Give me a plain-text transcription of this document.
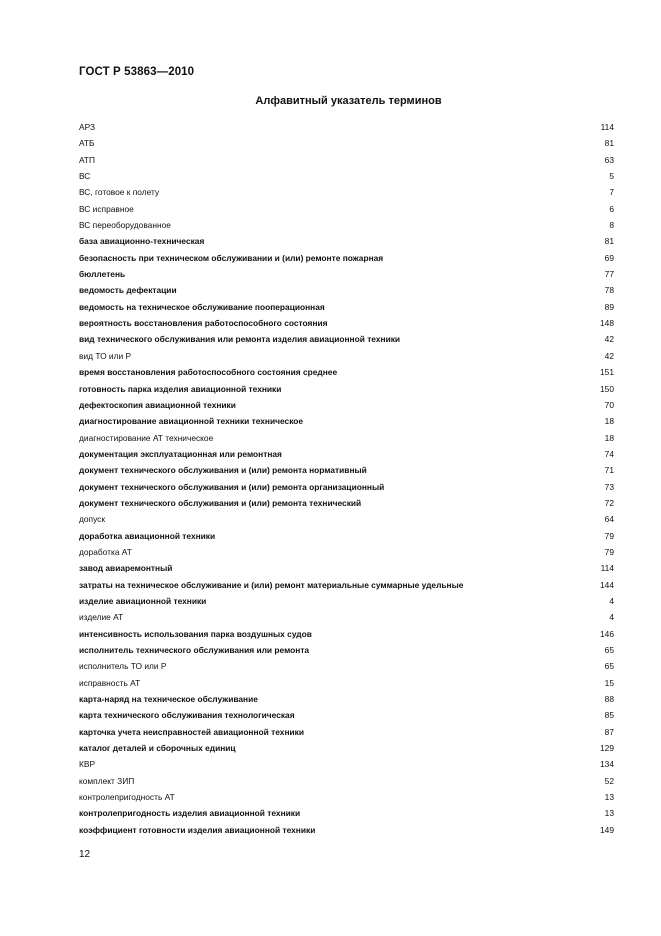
ГОСТ Р 53863—2010
Алфавитный указатель терминов
АРЗ	114
АТБ	81
АТП	63
ВС	5
ВС, готовое к полету	7
ВС исправное	6
ВС переоборудованное	8
база авиационно-техническая	81
безопасность при техническом обслуживании и (или) ремонте пожарная	69
бюллетень	77
ведомость дефектации	78
ведомость на техническое обслуживание пооперационная	89
вероятность восстановления работоспособного состояния	148
вид технического обслуживания или ремонта изделия авиационной техники	42
вид ТО или Р	42
время восстановления работоспособного состояния среднее	151
готовность парка изделия авиационной техники	150
дефектоскопия авиационной техники	70
диагностирование авиационной техники техническое	18
диагностирование АТ техническое	18
документация эксплуатационная или ремонтная	74
документ технического обслуживания и (или) ремонта нормативный	71
документ технического обслуживания и (или) ремонта организационный	73
документ технического обслуживания и (или) ремонта технический	72
допуск	64
доработка авиационной техники	79
доработка АТ	79
завод авиаремонтный	114
затраты на техническое обслуживание и (или) ремонт материальные суммарные удельные	144
изделие авиационной техники	4
изделие АТ	4
интенсивность использования парка воздушных судов	146
исполнитель технического обслуживания или ремонта	65
исполнитель ТО или Р	65
исправность АТ	15
карта-наряд на техническое обслуживание	88
карта технического обслуживания технологическая	85
карточка учета неисправностей авиационной техники	87
каталог деталей и сборочных единиц	129
КВР	134
комплект ЗИП	52
контролепригодность АТ	13
контролепригодность изделия авиационной техники	13
коэффициент готовности изделия авиационной техники	149
12
